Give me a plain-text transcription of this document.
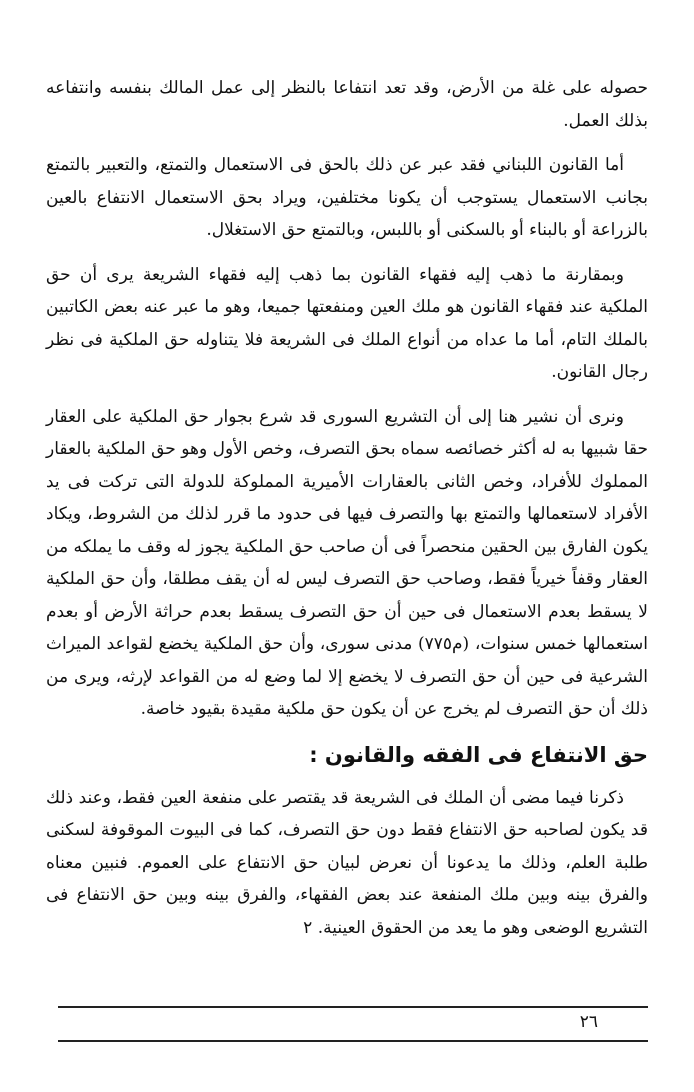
حصوله على غلة من الأرض، وقد تعد انتفاعا بالنظر إلى عمل المالك بنفسه وانتفاعه بذلك العمل.

أما القانون اللبناني فقد عبر عن ذلك بالحق فى الاستعمال والتمتع، والتعبير بالتمتع بجانب الاستعمال يستوجب أن يكونا مختلفين، ويراد بحق الاستعمال الانتفاع بالعين بالزراعة أو بالبناء أو بالسكنى أو باللبس، وبالتمتع حق الاستغلال.

وبمقارنة ما ذهب إليه فقهاء القانون بما ذهب إليه فقهاء الشريعة يرى أن حق الملكية عند فقهاء القانون هو ملك العين ومنفعتها جميعا، وهو ما عبر عنه بعض الكاتبين بالملك التام، أما ما عداه من أنواع الملك فى الشريعة فلا يتناوله حق الملكية فى نظر رجال القانون.

ونرى أن نشير هنا إلى أن التشريع السورى قد شرع بجوار حق الملكية على العقار حقا شبيها به له أكثر خصائصه سماه بحق التصرف، وخص الأول وهو حق الملكية بالعقار المملوك للأفراد، وخص الثانى بالعقارات الأميرية المملوكة للدولة التى تركت فى يد الأفراد لاستعمالها والتمتع بها والتصرف فيها فى حدود ما قرر لذلك من الشروط، ويكاد يكون الفارق بين الحقين منحصراً فى أن صاحب حق الملكية يجوز له وقف ما يملكه من العقار وقفاً خيرياً فقط، وصاحب حق التصرف ليس له أن يقف مطلقا، وأن حق الملكية لا يسقط بعدم الاستعمال فى حين أن حق التصرف يسقط بعدم حراثة الأرض أو بعدم استعمالها خمس سنوات، (م٧٧٥) مدنى سورى، وأن حق الملكية يخضع لقواعد الميراث الشرعية فى حين أن حق التصرف لا يخضع إلا لما وضع له من القواعد لإرثه، ويرى من ذلك أن حق التصرف لم يخرج عن أن يكون حق ملكية مقيدة بقيود خاصة.

حق الانتفاع فى الفقه والقانون :

ذكرنا فيما مضى أن الملك فى الشريعة قد يقتصر على منفعة العين فقط، وعند ذلك قد يكون لصاحبه حق الانتفاع فقط دون حق التصرف، كما فى البيوت الموقوفة لسكنى طلبة العلم، وذلك ما يدعونا أن نعرض لبيان حق الانتفاع على العموم. فنبين معناه والفرق بينه وبين ملك المنفعة عند بعض الفقهاء، والفرق بينه وبين حق الانتفاع فى التشريع الوضعى وهو ما يعد من الحقوق العينية. ٢

٢٦
